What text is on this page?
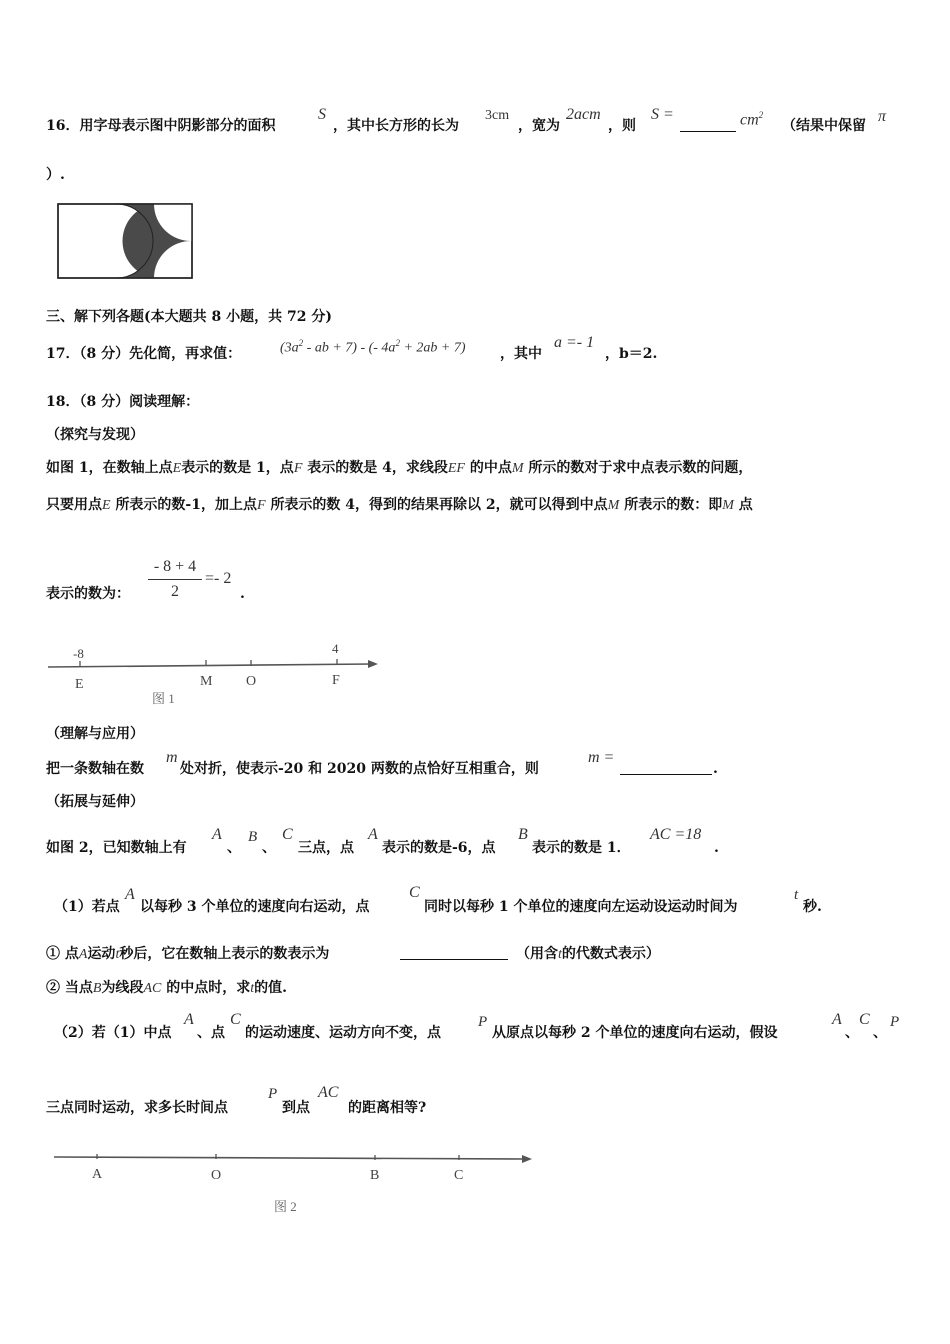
16．用字母表示图中阴影部分的面积
S
，其中长方形的长为
3cm
，宽为
2acm
，则
S =	$cm^2$
（结果中保留
π
）.
三、解下列各题(本大题共 8 小题，共 72 分)
17．（8 分）先化简，再求值：	($3a^2$ - ab + 7) - (- $4a^2 + 2ab + 7$) ，其中
a =- 1
，b＝2.
18．（8 分）阅读理解：
（探究与发现）
如图 1，在数轴上点E表示的数是 1，点F 表示的数是 4，求线段EF 的中点M 所示的数对于求中点表示数的问题，
只要用点E 所表示的数-1，加上点F 所表示的数 4，得到的结果再除以 2，就可以得到中点M 所表示的数：即M 点
表示的数为：
- 8 + 4
2
=- 2
.
-8	4
E	M O	F
图 1
（理解与应用）
把一条数轴在数
m
处对折，使表示-20 和 2020 两数的点恰好互相重合，则
m =
.
（拓展与延伸）
如图 2，已知数轴上有
A
、
B
、
C
三点，点
A
表示的数是-6，点
B
表示的数是 1．
AC =18
.
（1）若点
A
以每秒 3 个单位的速度向右运动，点
C
同时以每秒 1 个单位的速度向左运动设运动时间为
t
秒.
① 点A运动t秒后，它在数轴上表示的数表示为	（用含t的代数式表示）
② 当点B为线段AC 的中点时，求t的值.
（2）若（1）中点
A
、点
C
的运动速度、运动方向不变，点
P
从原点以每秒 2 个单位的速度向右运动，假设
A
、
C
、
P
三点同时运动，求多长时间点
P
到点
AC
的距离相等?
A	O	B	C
图 2
